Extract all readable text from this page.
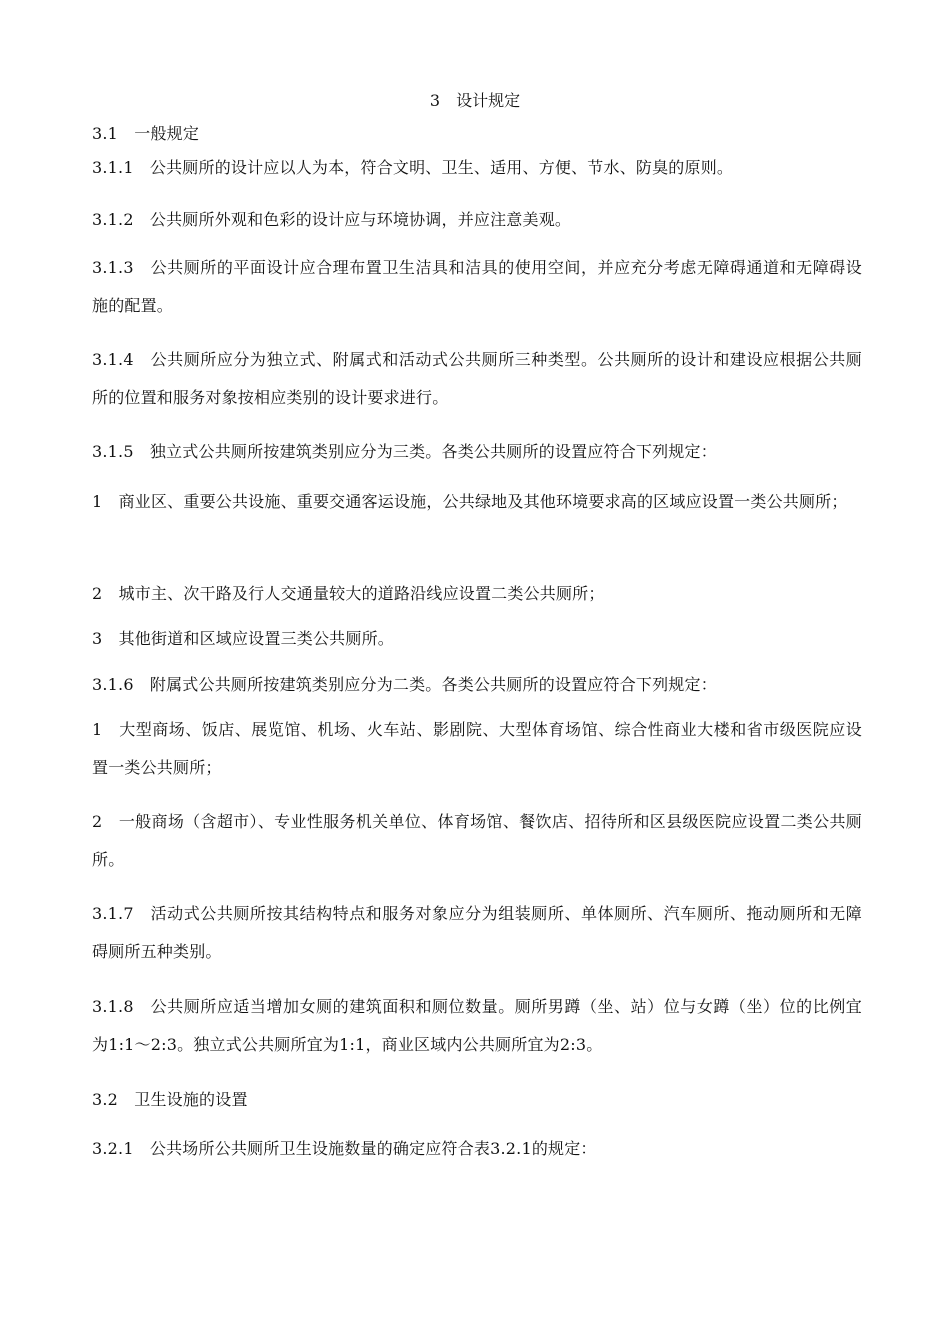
3　设计规定

3.1　一般规定

3.1.1　公共厕所的设计应以人为本，符合文明、卫生、适用、方便、节水、防臭的原则。

3.1.2　公共厕所外观和色彩的设计应与环境协调，并应注意美观。

3.1.3　公共厕所的平面设计应合理布置卫生洁具和洁具的使用空间，并应充分考虑无障碍通道和无障碍设施的配置。

3.1.4　公共厕所应分为独立式、附属式和活动式公共厕所三种类型。公共厕所的设计和建设应根据公共厕所的位置和服务对象按相应类别的设计要求进行。

3.1.5　独立式公共厕所按建筑类别应分为三类。各类公共厕所的设置应符合下列规定：

1　商业区、重要公共设施、重要交通客运设施，公共绿地及其他环境要求高的区域应设置一类公共厕所；

2　城市主、次干路及行人交通量较大的道路沿线应设置二类公共厕所；

3　其他街道和区域应设置三类公共厕所。

3.1.6　附属式公共厕所按建筑类别应分为二类。各类公共厕所的设置应符合下列规定：

1　大型商场、饭店、展览馆、机场、火车站、影剧院、大型体育场馆、综合性商业大楼和省市级医院应设置一类公共厕所；

2　一般商场（含超市）、专业性服务机关单位、体育场馆、餐饮店、招待所和区县级医院应设置二类公共厕所。

3.1.7　活动式公共厕所按其结构特点和服务对象应分为组装厕所、单体厕所、汽车厕所、拖动厕所和无障碍厕所五种类别。

3.1.8　公共厕所应适当增加女厕的建筑面积和厕位数量。厕所男蹲（坐、站）位与女蹲（坐）位的比例宜为1:1～2:3。独立式公共厕所宜为1:1，商业区域内公共厕所宜为2:3。

3.2　卫生设施的设置

3.2.1　公共场所公共厕所卫生设施数量的确定应符合表3.2.1的规定：
